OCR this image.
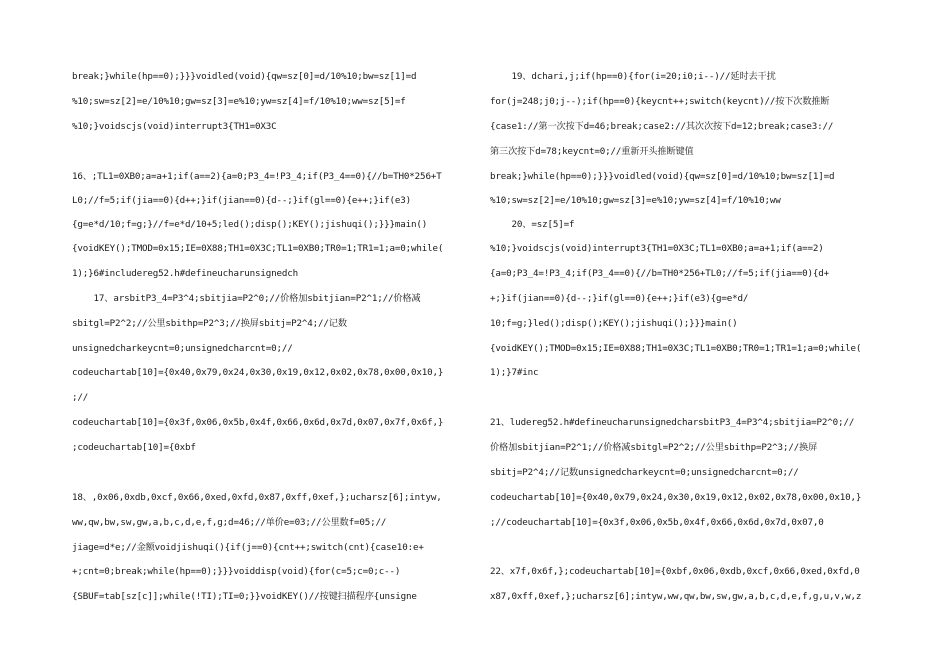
break;}while(hp==0);}}}voidled(void){qw=sz[0]=d/10%10;bw=sz[1]=d
%10;sw=sz[2]=e/10%10;gw=sz[3]=e%10;yw=sz[4]=f/10%10;ww=sz[5]=f
%10;}voidscjs(void)interrupt3{TH1=0X3C
16、;TL1=0XB0;a=a+1;if(a==2){a=0;P3_4=!P3_4;if(P3_4==0){//b=TH0*256+T
L0;//f=5;if(jia==0){d++;}if(jian==0){d--;}if(gl==0){e++;}if(e3)
{g=e*d/10;f=g;}//f=e*d/10+5;led();disp();KEY();jishuqi();}}}main()
{voidKEY();TMOD=0x15;IE=0X88;TH1=0X3C;TL1=0XB0;TR0=1;TR1=1;a=0;while(
1);}6#includereg52.h#defineucharunsignedch
17、arsbitP3_4=P3^4;sbitjia=P2^0;//价格加sbitjian=P2^1;//价格减
sbitgl=P2^2;//公里sbithp=P2^3;//换屏sbitj=P2^4;//记数
unsignedcharkeycnt=0;unsignedcharcnt=0;//
codeuchartab[10]={0x40,0x79,0x24,0x30,0x19,0x12,0x02,0x78,0x00,0x10,}
;//
codeuchartab[10]={0x3f,0x06,0x5b,0x4f,0x66,0x6d,0x7d,0x07,0x7f,0x6f,}
;codeuchartab[10]={0xbf
18、,0x06,0xdb,0xcf,0x66,0xed,0xfd,0x87,0xff,0xef,};ucharsz[6];intyw,
ww,qw,bw,sw,gw,a,b,c,d,e,f,g;d=46;//单价e=03;//公里数f=05;//
jiage=d*e;//金额voidjishuqi(){if(j==0){cnt++;switch(cnt){case10:e+
+;cnt=0;break;while(hp==0);}}}voiddisp(void){for(c=5;c=0;c--)
{SBUF=tab[sz[c]];while(!TI);TI=0;}}voidKEY()//按键扫描程序{unsigne
19、dchari,j;if(hp==0){for(i=20;i0;i--)//延时去干扰
for(j=248;j0;j--);if(hp==0){keycnt++;switch(keycnt)//按下次数推断
{case1://第一次按下d=46;break;case2://其次次按下d=12;break;case3://
第三次按下d=78;keycnt=0;//重新开头推断键值
break;}while(hp==0);}}}voidled(void){qw=sz[0]=d/10%10;bw=sz[1]=d
%10;sw=sz[2]=e/10%10;gw=sz[3]=e%10;yw=sz[4]=f/10%10;ww
20、=sz[5]=f
%10;}voidscjs(void)interrupt3{TH1=0X3C;TL1=0XB0;a=a+1;if(a==2)
{a=0;P3_4=!P3_4;if(P3_4==0){//b=TH0*256+TL0;//f=5;if(jia==0){d+
+;}if(jian==0){d--;}if(gl==0){e++;}if(e3){g=e*d/
10;f=g;}led();disp();KEY();jishuqi();}}}main()
{voidKEY();TMOD=0x15;IE=0X88;TH1=0X3C;TL1=0XB0;TR0=1;TR1=1;a=0;while(
1);}7#inc
21、ludereg52.h#defineucharunsignedcharsbitP3_4=P3^4;sbitjia=P2^0;//
价格加sbitjian=P2^1;//价格减sbitgl=P2^2;//公里sbithp=P2^3;//换屏
sbitj=P2^4;//记数unsignedcharkeycnt=0;unsignedcharcnt=0;//
codeuchartab[10]={0x40,0x79,0x24,0x30,0x19,0x12,0x02,0x78,0x00,0x10,}
;//codeuchartab[10]={0x3f,0x06,0x5b,0x4f,0x66,0x6d,0x7d,0x07,0
22、x7f,0x6f,};codeuchartab[10]={0xbf,0x06,0xdb,0xcf,0x66,0xed,0xfd,0
x87,0xff,0xef,};ucharsz[6];intyw,ww,qw,bw,sw,gw,a,b,c,d,e,f,g,u,v,w,z
